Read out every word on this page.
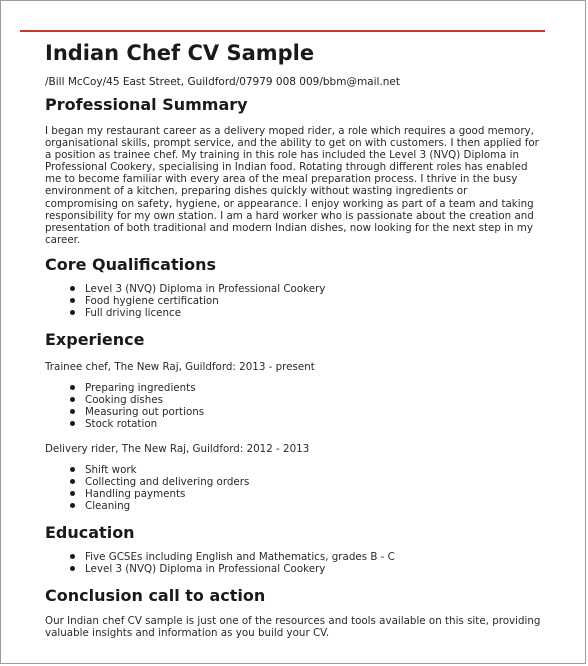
Indian Chef CV Sample
/Bill McCoy/45 East Street, Guildford/07979 008 009/bbm@mail.net
Professional Summary
I began my restaurant career as a delivery moped rider, a role which requires a good memory, organisational skills, prompt service, and the ability to get on with customers. I then applied for a position as trainee chef. My training in this role has included the Level 3 (NVQ) Diploma in Professional Cookery, specialising in Indian food. Rotating through different roles has enabled me to become familiar with every area of the meal preparation process. I thrive in the busy environment of a kitchen, preparing dishes quickly without wasting ingredients or compromising on safety, hygiene, or appearance. I enjoy working as part of a team and taking responsibility for my own station. I am a hard worker who is passionate about the creation and presentation of both traditional and modern Indian dishes, now looking for the next step in my career.
Core Qualifications
Level 3 (NVQ) Diploma in Professional Cookery
Food hygiene certification
Full driving licence
Experience
Trainee chef, The New Raj, Guildford: 2013 - present
Preparing ingredients
Cooking dishes
Measuring out portions
Stock rotation
Delivery rider, The New Raj, Guildford: 2012 - 2013
Shift work
Collecting and delivering orders
Handling payments
Cleaning
Education
Five GCSEs including English and Mathematics, grades B - C
Level 3 (NVQ) Diploma in Professional Cookery
Conclusion call to action
Our Indian chef CV sample is just one of the resources and tools available on this site, providing valuable insights and information as you build your CV.
